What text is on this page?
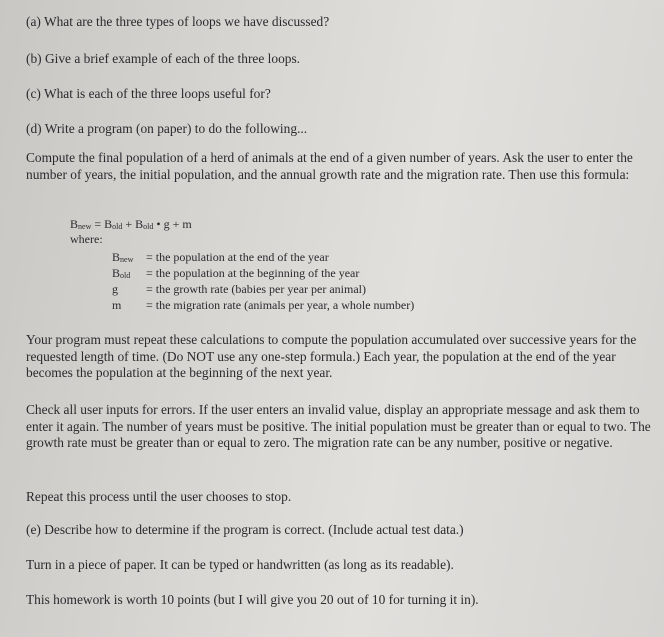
(a) What are the three types of loops we have discussed?
(b) Give a brief example of each of the three loops.
(c) What is each of the three loops useful for?
(d) Write a program (on paper) to do the following...
Compute the final population of a herd of animals at the end of a given number of years. Ask the user to enter the number of years, the initial population, and the annual growth rate and the migration rate. Then use this formula:
Bnew = Bold + Bold • g + m
where:
Bnew = the population at the end of the year
Bold = the population at the beginning of the year
g = the growth rate (babies per year per animal)
m = the migration rate (animals per year, a whole number)
Your program must repeat these calculations to compute the population accumulated over successive years for the requested length of time. (Do NOT use any one-step formula.) Each year, the population at the end of the year becomes the population at the beginning of the next year.
Check all user inputs for errors. If the user enters an invalid value, display an appropriate message and ask them to enter it again. The number of years must be positive. The initial population must be greater than or equal to two. The growth rate must be greater than or equal to zero. The migration rate can be any number, positive or negative.
Repeat this process until the user chooses to stop.
(e) Describe how to determine if the program is correct. (Include actual test data.)
Turn in a piece of paper. It can be typed or handwritten (as long as its readable).
This homework is worth 10 points (but I will give you 20 out of 10 for turning it in).
